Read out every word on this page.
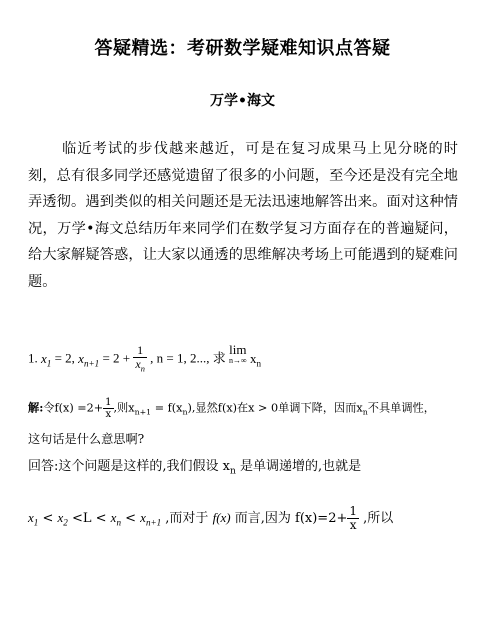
答疑精选：考研数学疑难知识点答疑
万学•海文

临近考试的步伐越来越近，可是在复习成果马上见分晓的时刻，总有很多同学还感觉遗留了很多的小问题，至今还是没有完全地弄透彻。遇到类似的相关问题还是无法迅速地解答出来。面对这种情况，万学•海文总结历年来同学们在数学复习方面存在的普遍疑问，给大家解疑答惑，让大家以通透的思维解决考场上可能遇到的疑难问题。

1. $x_1 = 2$, $x_{n+1} = 2 + \frac{1}{x_n}$ , n = 1, 2..., 求 lim
n→∞ $x_n$
解:令$f(x) =2+ \frac{1}{x}$ ,则$x_{n+1} = f(x_n)$,显然f(x)在x > 0单调下降，因而$x_n$不具单调性，
这句话是什么意思啊?
回答:这个问题是这样的,我们假设 $x_n$ 是单调递增的,也就是
$x_1 < x_2 <L < x_n < x_{n+1}$ ,而对于 f(x) 而言,因为 $f(x)=2+ \frac{1}{x}$ ,所以
